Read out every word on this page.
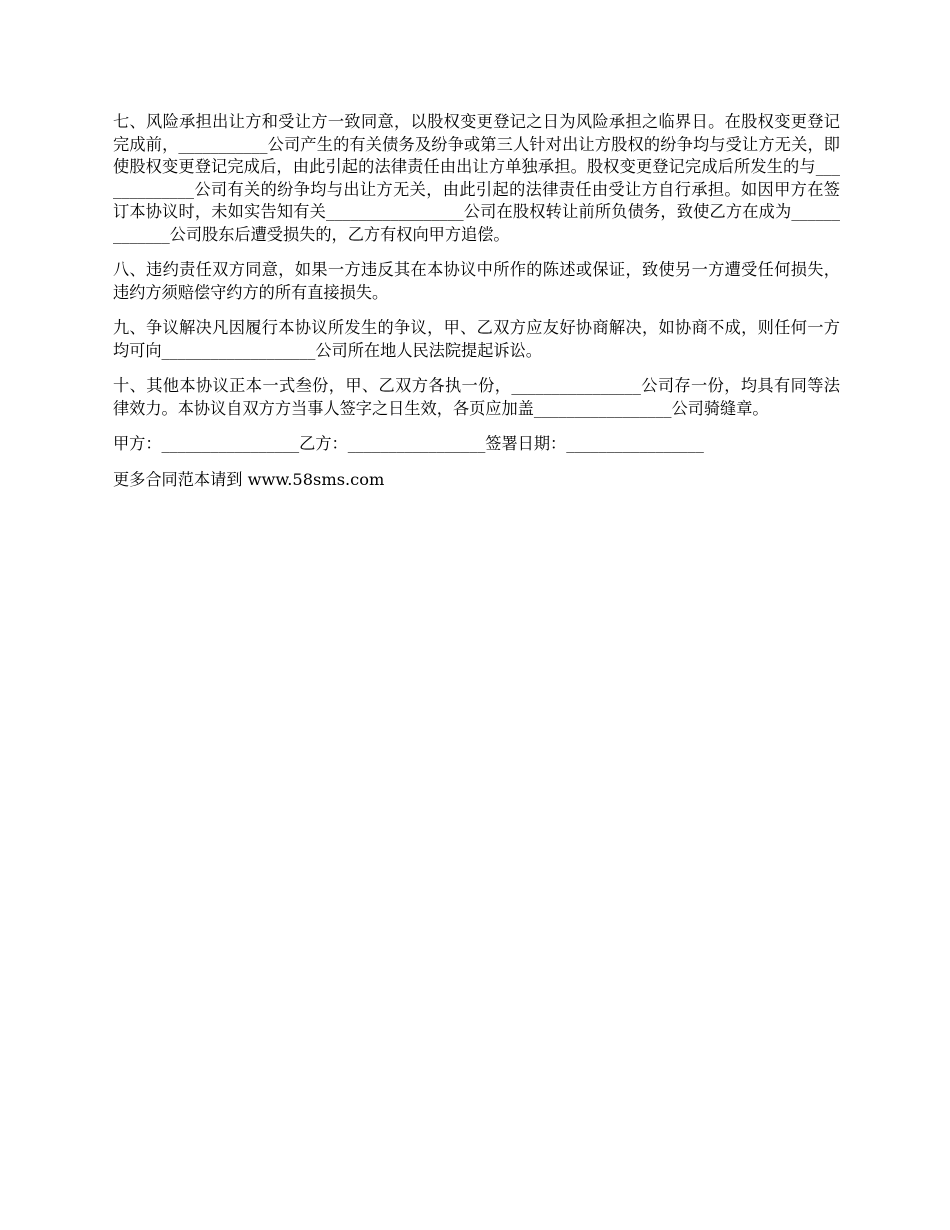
七、风险承担出让方和受让方一致同意，以股权变更登记之日为风险承担之临界日。在股权变更登记完成前，___________公司产生的有关债务及纷争或第三人针对出让方股权的纷争均与受让方无关，即使股权变更登记完成后，由此引起的法律责任由出让方单独承担。股权变更登记完成后所发生的与_____________公司有关的纷争均与出让方无关，由此引起的法律责任由受让方自行承担。如因甲方在签订本协议时，未如实告知有关_________________公司在股权转让前所负债务，致使乙方在成为_____________公司股东后遭受损失的，乙方有权向甲方追偿。

八、违约责任双方同意，如果一方违反其在本协议中所作的陈述或保证，致使另一方遭受任何损失，违约方须赔偿守约方的所有直接损失。

九、争议解决凡因履行本协议所发生的争议，甲、乙双方应友好协商解决，如协商不成，则任何一方均可向___________________公司所在地人民法院提起诉讼。

十、其他本协议正本一式叁份，甲、乙双方各执一份，________________公司存一份，均具有同等法律效力。本协议自双方方当事人签字之日生效，各页应加盖_________________公司骑缝章。

甲方：_________________乙方：_________________签署日期：_________________

更多合同范本请到 www.58sms.com
